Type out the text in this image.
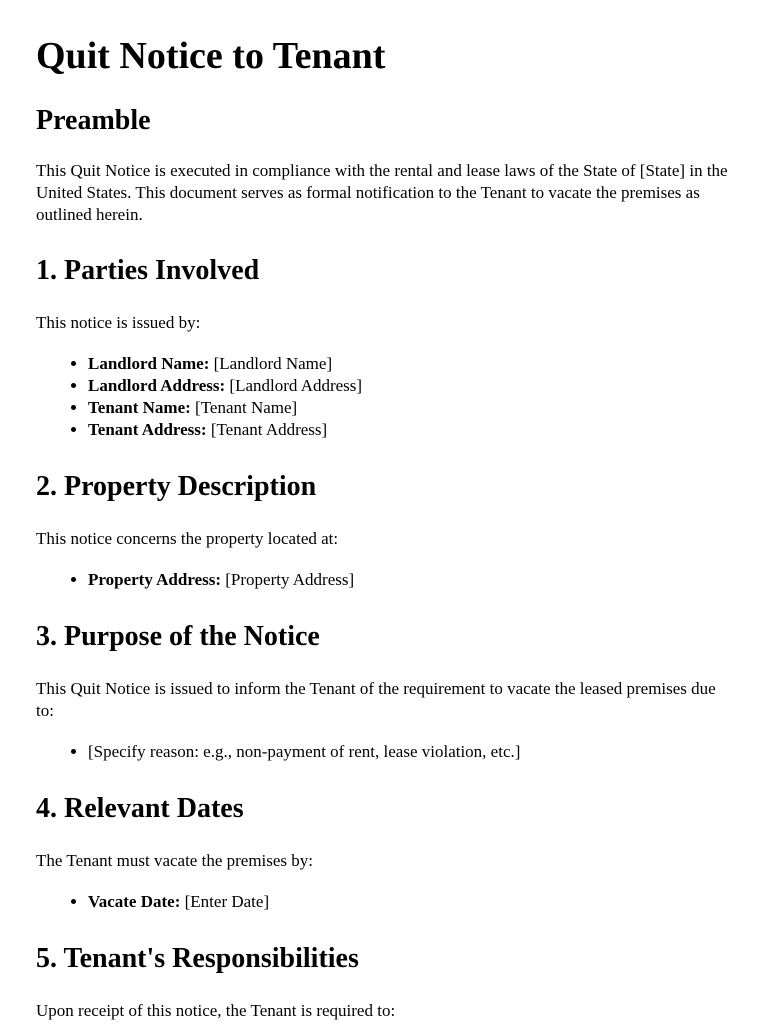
Quit Notice to Tenant
Preamble

This Quit Notice is executed in compliance with the rental and lease laws of the State of [State] in the United States. This document serves as formal notification to the Tenant to vacate the premises as outlined herein.

1. Parties Involved

This notice is issued by:

• Landlord Name: [Landlord Name]
• Landlord Address: [Landlord Address]
• Tenant Name: [Tenant Name]
• Tenant Address: [Tenant Address]
2. Property Description

This notice concerns the property located at:

• Property Address: [Property Address]
3. Purpose of the Notice

This Quit Notice is issued to inform the Tenant of the requirement to vacate the leased premises due to:

• [Specify reason: e.g., non-payment of rent, lease violation, etc.]
4. Relevant Dates

The Tenant must vacate the premises by:

• Vacate Date: [Enter Date]
5. Tenant's Responsibilities

Upon receipt of this notice, the Tenant is required to:
